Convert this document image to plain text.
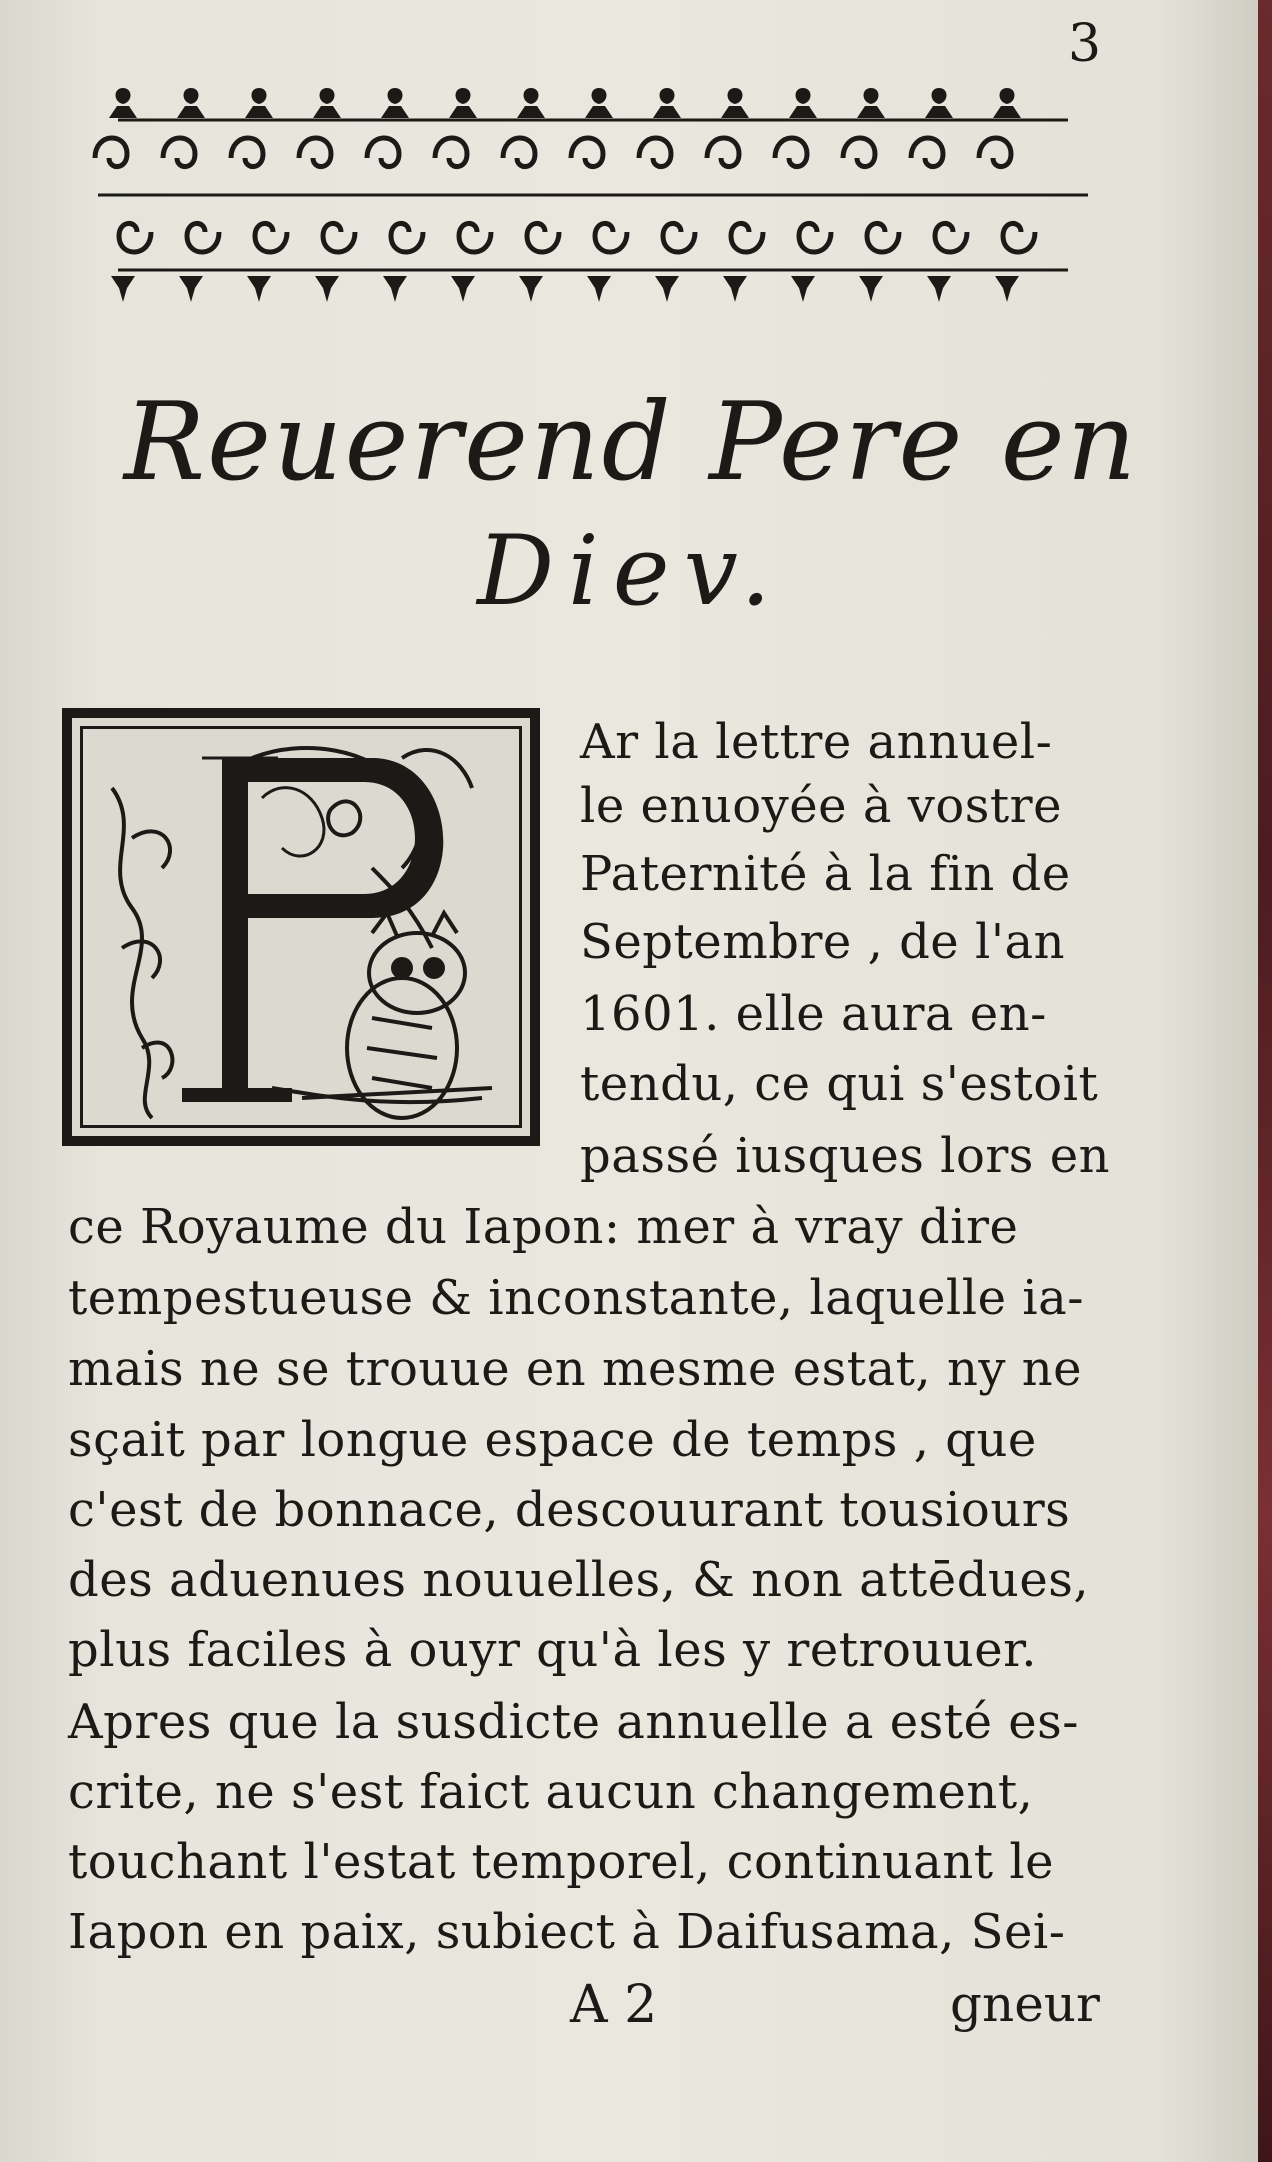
3
Reuerend Pere en
Diev.
Ar la lettre annuel-
le enuoyée à vostre
Paternité à la fin de
Septembre , de l'an
1601. elle aura en-
tendu, ce qui s'estoit
passé iusques lors en
ce Royaume du Iapon: mer à vray dire
tempestueuse & inconstante, laquelle ia-
mais ne se trouue en mesme estat, ny ne
sçait par longue espace de temps , que
c'est de bonnace, descouurant tousiours
des aduenues nouuelles, & non attēdues,
plus faciles à ouyr qu'à les y retrouuer.
Apres que la susdicte annuelle a esté es-
crite, ne s'est faict aucun changement,
touchant l'estat temporel, continuant le
Iapon en paix, subiect à Daifusama, Sei-
A 2	gneur
